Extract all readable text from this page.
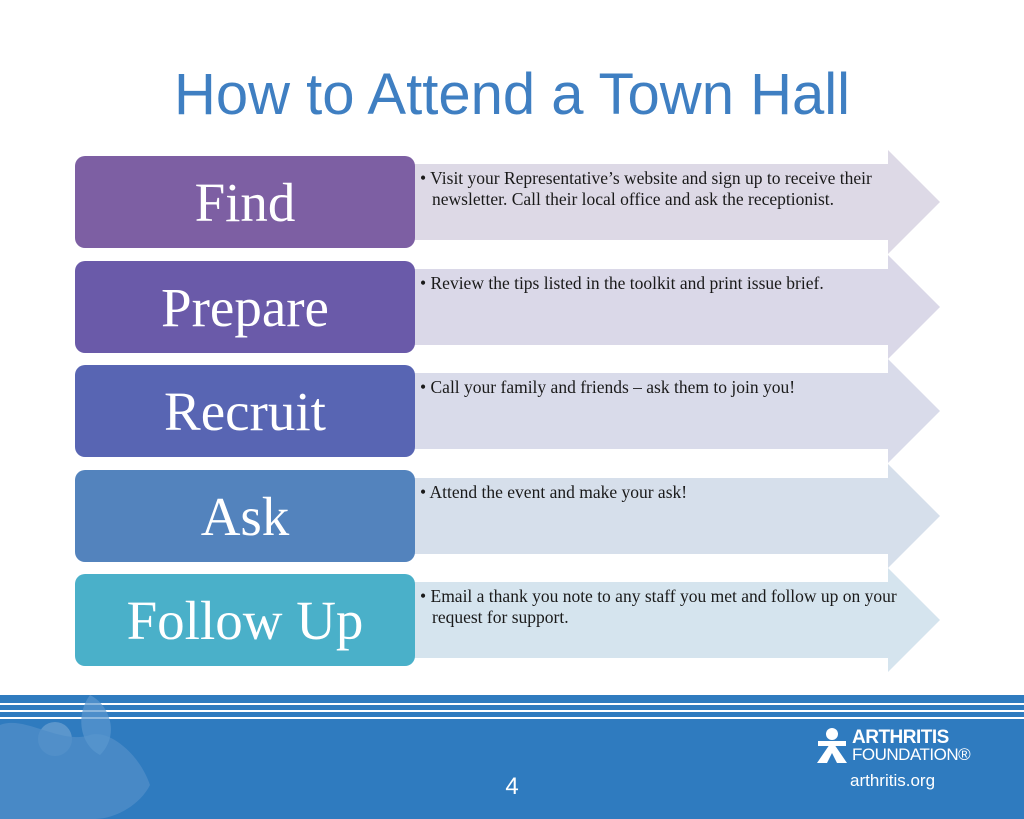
How to Attend a Town Hall
Find	• Visit your Representative’s website and sign up to receive their newsletter. Call their local office and ask the receptionist.
Prepare	• Review the tips listed in the toolkit and print issue brief.
Recruit	• Call your family and friends – ask them to join you!
Ask	• Attend the event and make your ask!
Follow Up	• Email a thank you note to any staff you met and follow up on your request for support.
4
ARTHRITIS
FOUNDATION®
arthritis.org
